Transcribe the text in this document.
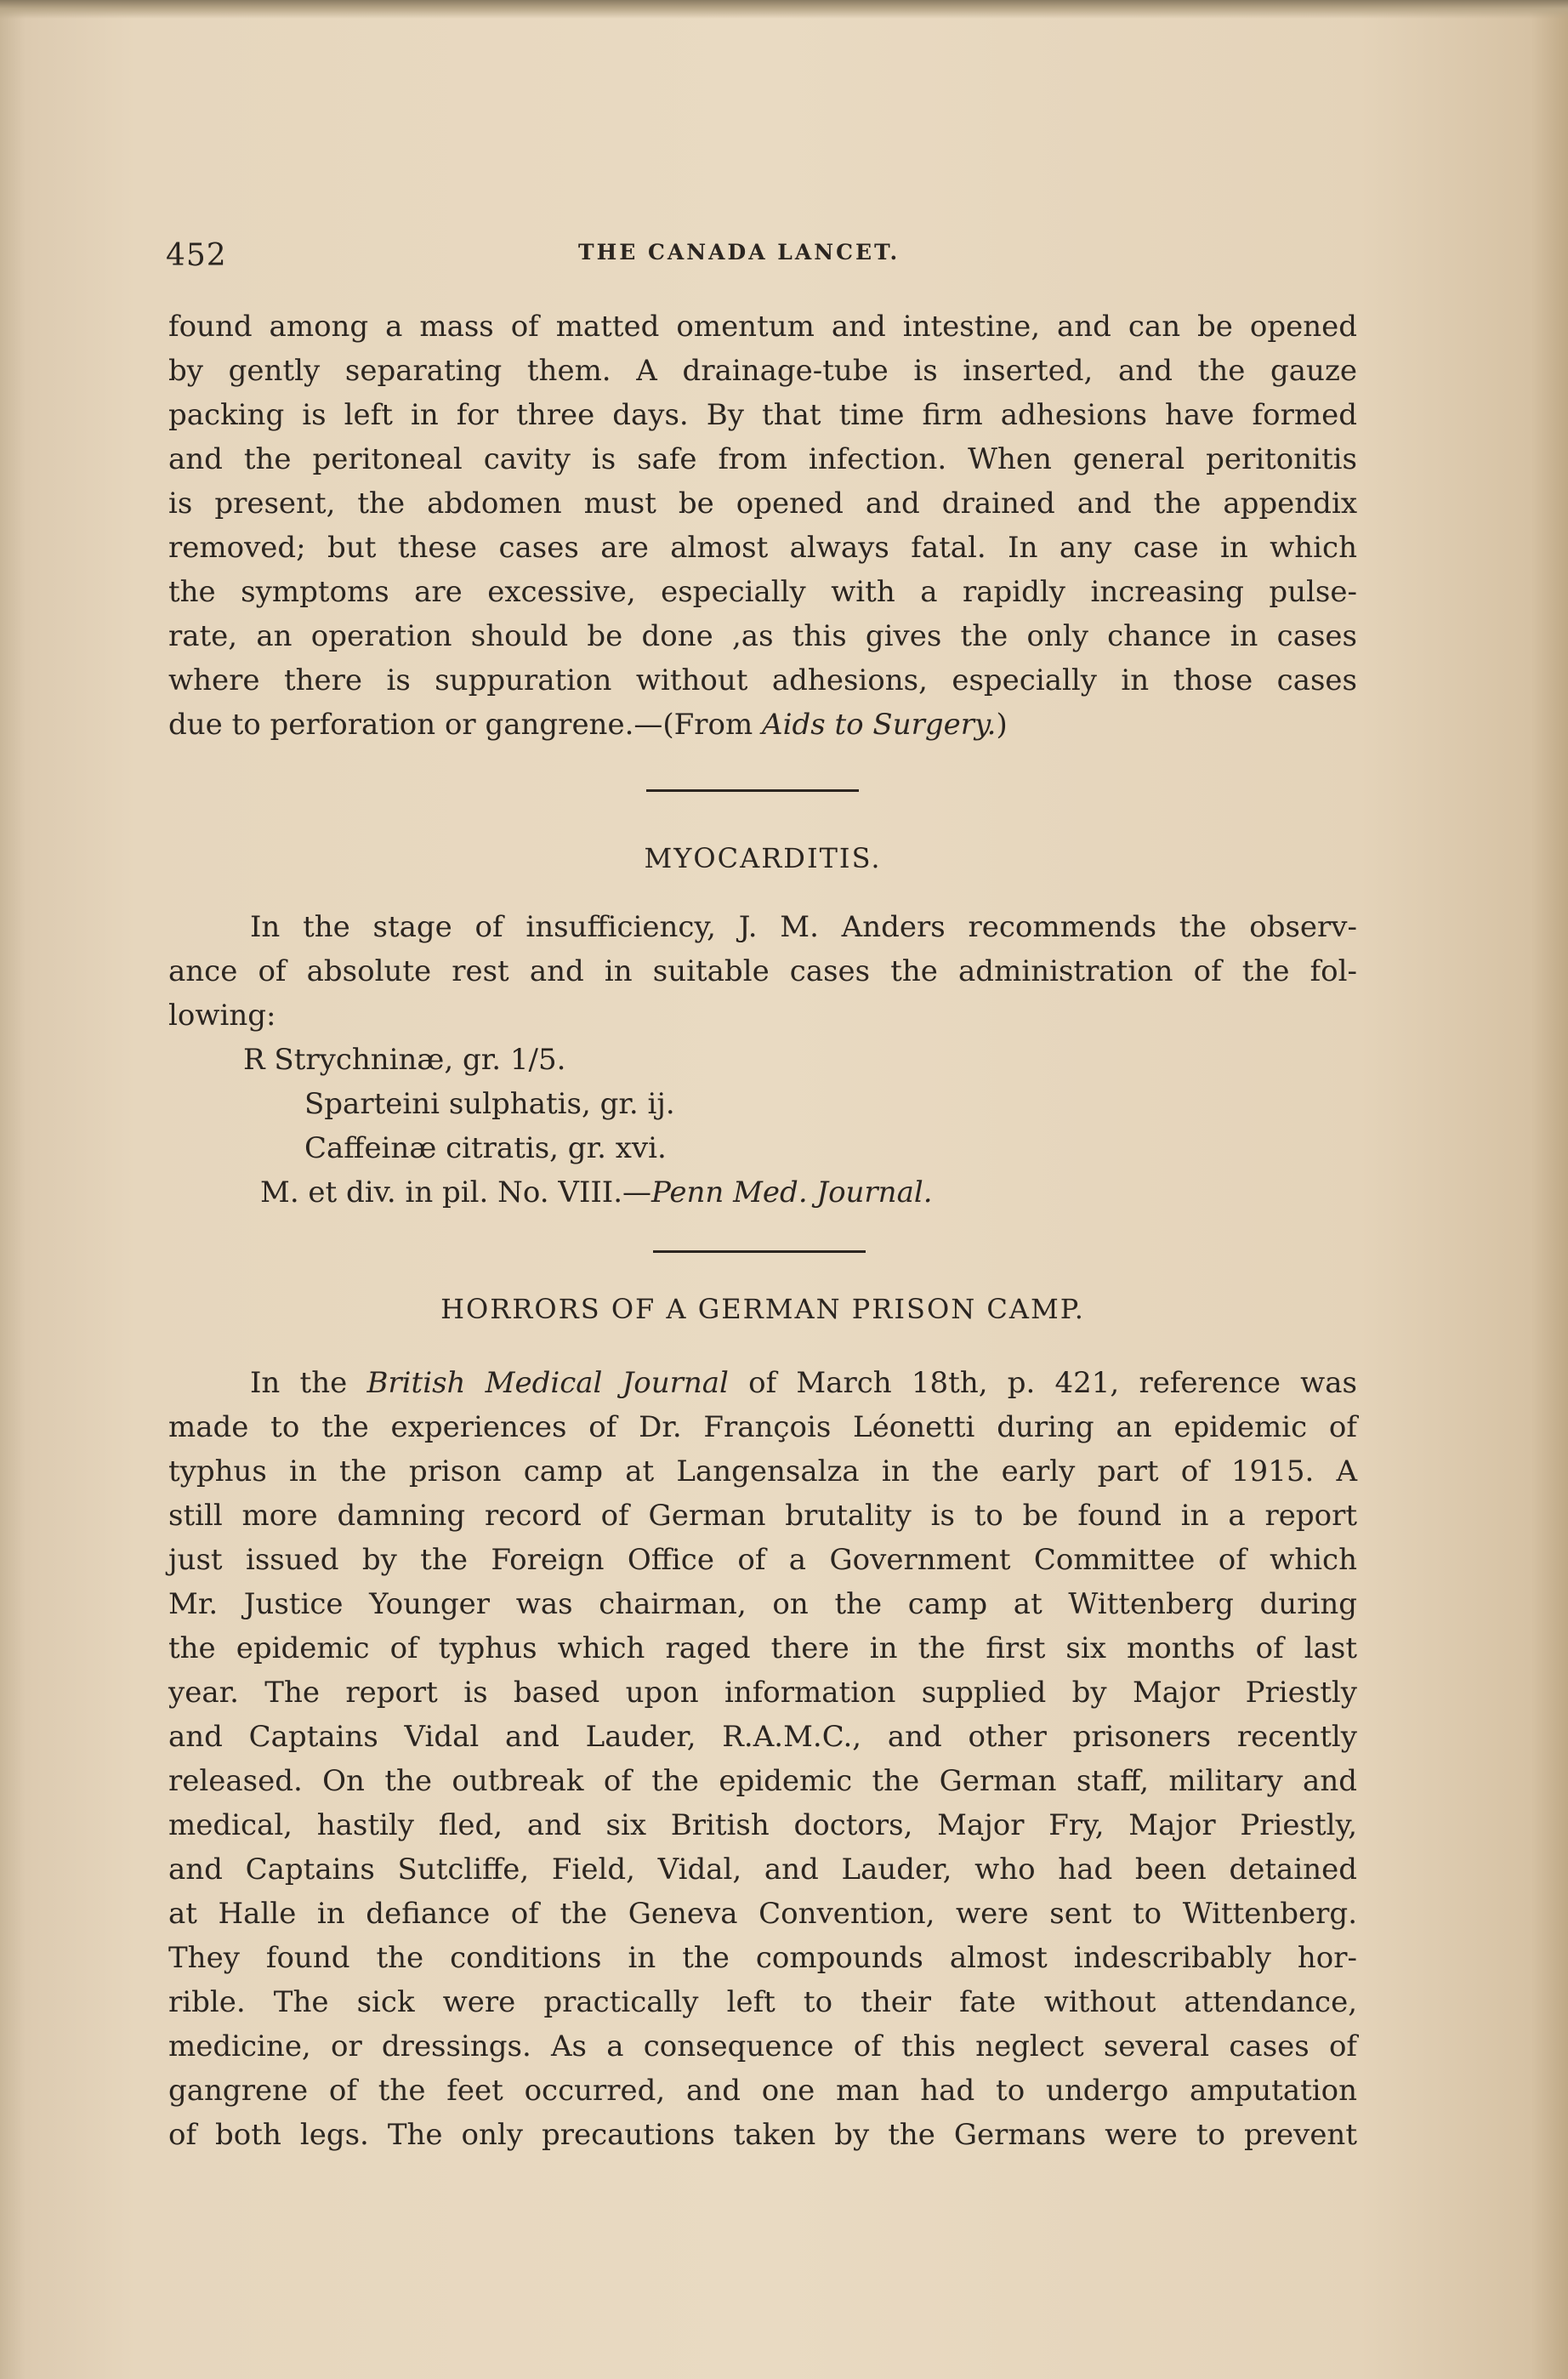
452	THE CANADA LANCET.
found among a mass of matted omentum and intestine, and can be opened
by gently separating them. A drainage-tube is inserted, and the gauze
packing is left in for three days. By that time firm adhesions have formed
and the peritoneal cavity is safe from infection. When general peritonitis
is present, the abdomen must be opened and drained and the appendix
removed; but these cases are almost always fatal. In any case in which
the symptoms are excessive, especially with a rapidly increasing pulse-
rate, an operation should be done ,as this gives the only chance in cases
where there is suppuration without adhesions, especially in those cases
due to perforation or gangrene.—(From Aids to Surgery.)
MYOCARDITIS.
In the stage of insufficiency, J. M. Anders recommends the observ-
ance of absolute rest and in suitable cases the administration of the fol-
lowing:
R Strychninæ, gr. 1/5.
Sparteini sulphatis, gr. ij.
Caffeinæ citratis, gr. xvi.
M. et div. in pil. No. VIII.—Penn Med. Journal.
HORRORS OF A GERMAN PRISON CAMP.
In the British Medical Journal of March 18th, p. 421, reference was
made to the experiences of Dr. François Léonetti during an epidemic of
typhus in the prison camp at Langensalza in the early part of 1915. A
still more damning record of German brutality is to be found in a report
just issued by the Foreign Office of a Government Committee of which
Mr. Justice Younger was chairman, on the camp at Wittenberg during
the epidemic of typhus which raged there in the first six months of last
year. The report is based upon information supplied by Major Priestly
and Captains Vidal and Lauder, R.A.M.C., and other prisoners recently
released. On the outbreak of the epidemic the German staff, military and
medical, hastily fled, and six British doctors, Major Fry, Major Priestly,
and Captains Sutcliffe, Field, Vidal, and Lauder, who had been detained
at Halle in defiance of the Geneva Convention, were sent to Wittenberg.
They found the conditions in the compounds almost indescribably hor-
rible. The sick were practically left to their fate without attendance,
medicine, or dressings. As a consequence of this neglect several cases of
gangrene of the feet occurred, and one man had to undergo amputation
of both legs. The only precautions taken by the Germans were to prevent
